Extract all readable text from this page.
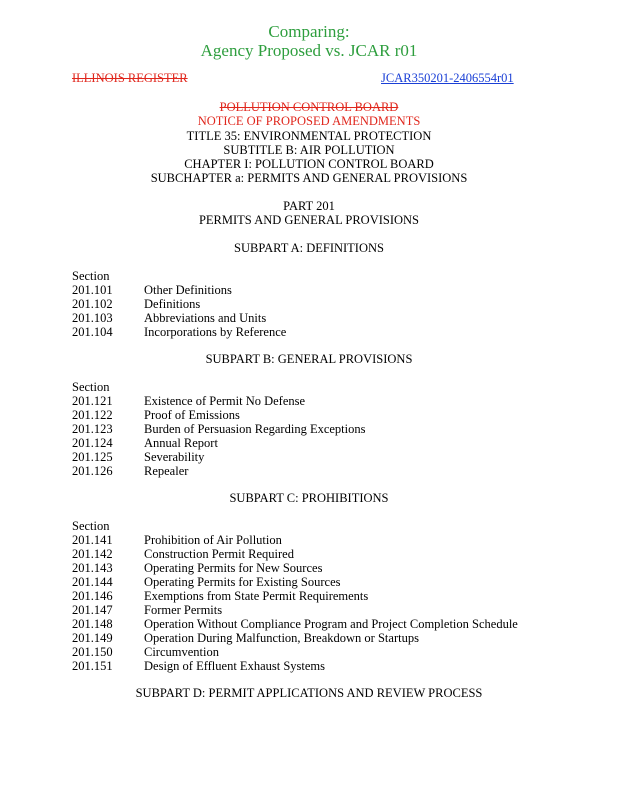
Comparing:
Agency Proposed vs. JCAR r01
ILLINOIS REGISTER	JCAR350201-2406554r01
POLLUTION CONTROL BOARD
NOTICE OF PROPOSED AMENDMENTS
TITLE 35: ENVIRONMENTAL PROTECTION
SUBTITLE B: AIR POLLUTION
CHAPTER I: POLLUTION CONTROL BOARD
SUBCHAPTER a: PERMITS AND GENERAL PROVISIONS
PART 201
PERMITS AND GENERAL PROVISIONS
SUBPART A: DEFINITIONS
Section
201.101	Other Definitions
201.102	Definitions
201.103	Abbreviations and Units
201.104	Incorporations by Reference
SUBPART B: GENERAL PROVISIONS
Section
201.121	Existence of Permit No Defense
201.122	Proof of Emissions
201.123	Burden of Persuasion Regarding Exceptions
201.124	Annual Report
201.125	Severability
201.126	Repealer
SUBPART C: PROHIBITIONS
Section
201.141	Prohibition of Air Pollution
201.142	Construction Permit Required
201.143	Operating Permits for New Sources
201.144	Operating Permits for Existing Sources
201.146	Exemptions from State Permit Requirements
201.147	Former Permits
201.148	Operation Without Compliance Program and Project Completion Schedule
201.149	Operation During Malfunction, Breakdown or Startups
201.150	Circumvention
201.151	Design of Effluent Exhaust Systems
SUBPART D: PERMIT APPLICATIONS AND REVIEW PROCESS
